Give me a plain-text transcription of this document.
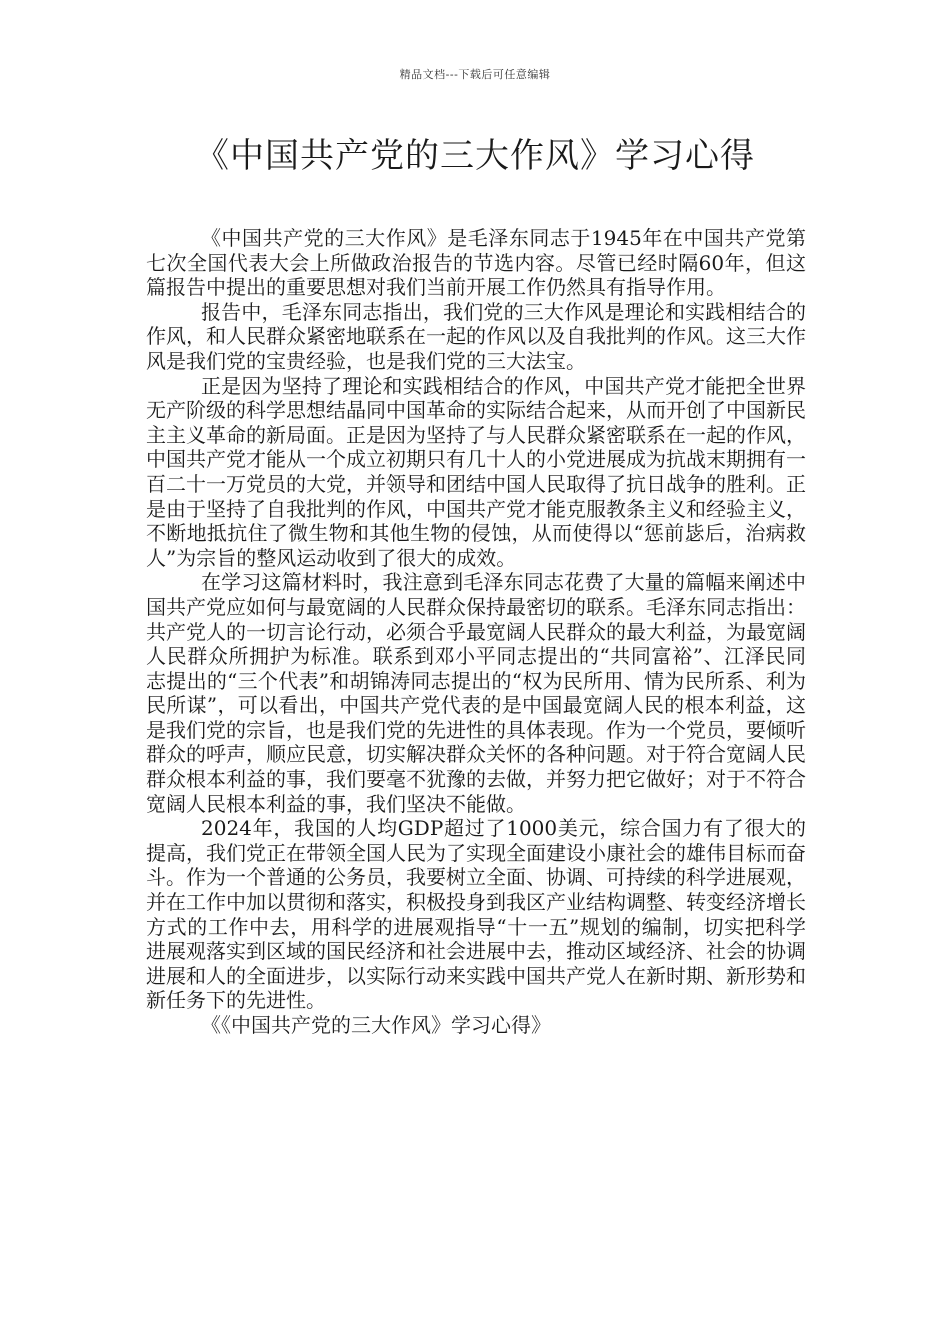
精品文档---下载后可任意编辑
《中国共产党的三大作风》学习心得

《中国共产党的三大作风》是毛泽东同志于1945年在中国共产党第七次全国代表大会上所做政治报告的节选内容。尽管已经时隔60年，但这篇报告中提出的重要思想对我们当前开展工作仍然具有指导作用。

报告中，毛泽东同志指出，我们党的三大作风是理论和实践相结合的作风，和人民群众紧密地联系在一起的作风以及自我批判的作风。这三大作风是我们党的宝贵经验，也是我们党的三大法宝。

正是因为坚持了理论和实践相结合的作风，中国共产党才能把全世界无产阶级的科学思想结晶同中国革命的实际结合起来，从而开创了中国新民主主义革命的新局面。正是因为坚持了与人民群众紧密联系在一起的作风，中国共产党才能从一个成立初期只有几十人的小党进展成为抗战末期拥有一百二十一万党员的大党，并领导和团结中国人民取得了抗日战争的胜利。正是由于坚持了自我批判的作风，中国共产党才能克服教条主义和经验主义，不断地抵抗住了微生物和其他生物的侵蚀，从而使得以“惩前毖后，治病救人”为宗旨的整风运动收到了很大的成效。

在学习这篇材料时，我注意到毛泽东同志花费了大量的篇幅来阐述中国共产党应如何与最宽阔的人民群众保持最密切的联系。毛泽东同志指出：共产党人的一切言论行动，必须合乎最宽阔人民群众的最大利益，为最宽阔人民群众所拥护为标准。联系到邓小平同志提出的“共同富裕”、江泽民同志提出的“三个代表”和胡锦涛同志提出的“权为民所用、情为民所系、利为民所谋”，可以看出，中国共产党代表的是中国最宽阔人民的根本利益，这是我们党的宗旨，也是我们党的先进性的具体表现。作为一个党员，要倾听群众的呼声，顺应民意，切实解决群众关怀的各种问题。对于符合宽阔人民群众根本利益的事，我们要毫不犹豫的去做，并努力把它做好；对于不符合宽阔人民根本利益的事，我们坚决不能做。

2024年，我国的人均GDP超过了1000美元，综合国力有了很大的提高，我们党正在带领全国人民为了实现全面建设小康社会的雄伟目标而奋斗。作为一个普通的公务员，我要树立全面、协调、可持续的科学进展观，并在工作中加以贯彻和落实，积极投身到我区产业结构调整、转变经济增长方式的工作中去，用科学的进展观指导“十一五”规划的编制，切实把科学进展观落实到区域的国民经济和社会进展中去，推动区域经济、社会的协调进展和人的全面进步，以实际行动来实践中国共产党人在新时期、新形势和新任务下的先进性。

《《中国共产党的三大作风》学习心得》
